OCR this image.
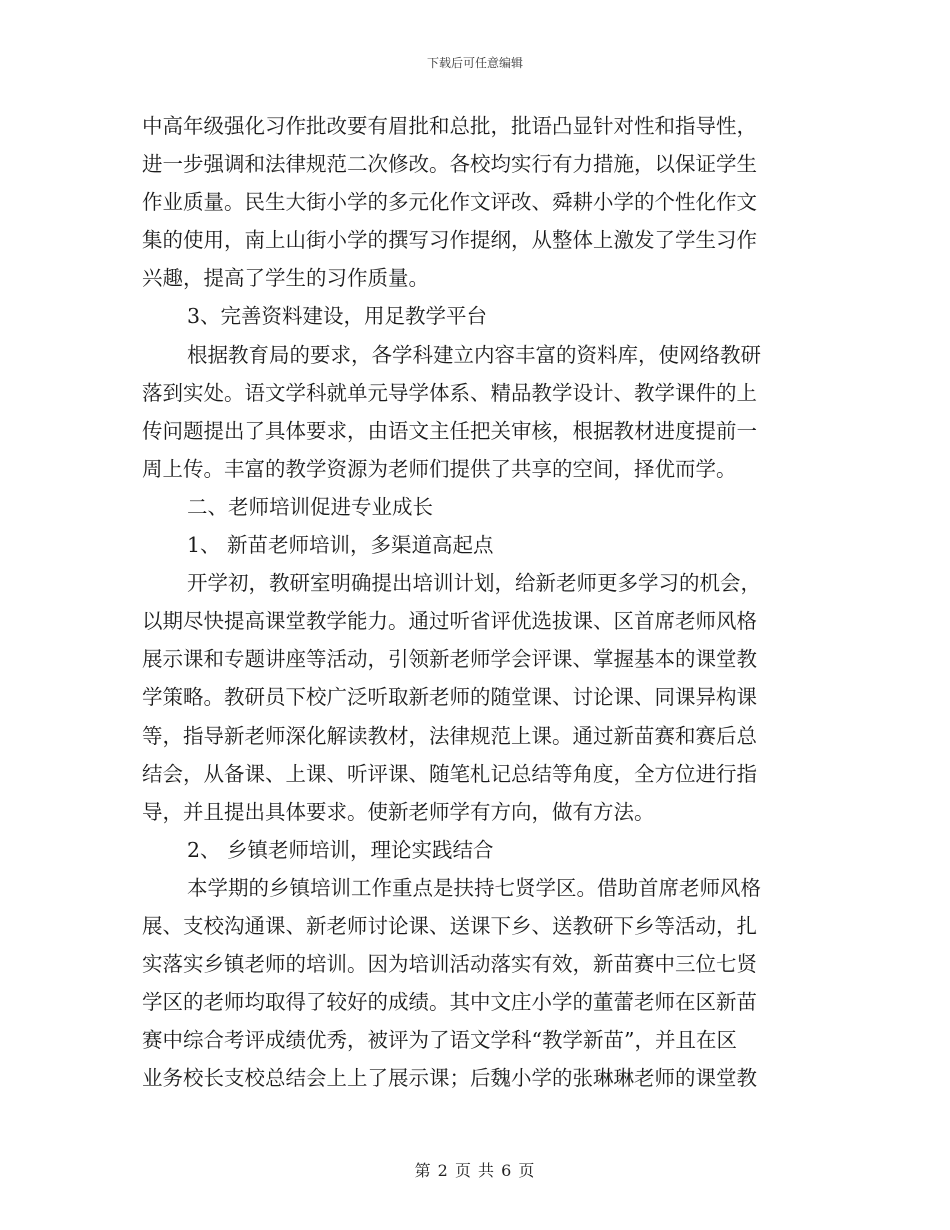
下载后可任意编辑
中高年级强化习作批改要有眉批和总批，批语凸显针对性和指导性，
进一步强调和法律规范二次修改。各校均实行有力措施，以保证学生
作业质量。民生大街小学的多元化作文评改、舜耕小学的个性化作文
集的使用，南上山街小学的撰写习作提纲，从整体上激发了学生习作
兴趣，提高了学生的习作质量。
3、完善资料建设，用足教学平台
根据教育局的要求，各学科建立内容丰富的资料库，使网络教研
落到实处。语文学科就单元导学体系、精品教学设计、教学课件的上
传问题提出了具体要求，由语文主任把关审核，根据教材进度提前一
周上传。丰富的教学资源为老师们提供了共享的空间，择优而学。
二、老师培训促进专业成长
1、 新苗老师培训，多渠道高起点
开学初，教研室明确提出培训计划，给新老师更多学习的机会，
以期尽快提高课堂教学能力。通过听省评优选拔课、区首席老师风格
展示课和专题讲座等活动，引领新老师学会评课、掌握基本的课堂教
学策略。教研员下校广泛听取新老师的随堂课、讨论课、同课异构课
等，指导新老师深化解读教材，法律规范上课。通过新苗赛和赛后总
结会，从备课、上课、听评课、随笔札记总结等角度，全方位进行指
导，并且提出具体要求。使新老师学有方向，做有方法。
2、 乡镇老师培训，理论实践结合
本学期的乡镇培训工作重点是扶持七贤学区。借助首席老师风格
展、支校沟通课、新老师讨论课、送课下乡、送教研下乡等活动，扎
实落实乡镇老师的培训。因为培训活动落实有效，新苗赛中三位七贤
学区的老师均取得了较好的成绩。其中文庄小学的董蕾老师在区新苗
赛中综合考评成绩优秀，被评为了语文学科“教学新苗”，并且在区
业务校长支校总结会上上了展示课；后魏小学的张琳琳老师的课堂教
第 2 页 共 6 页
